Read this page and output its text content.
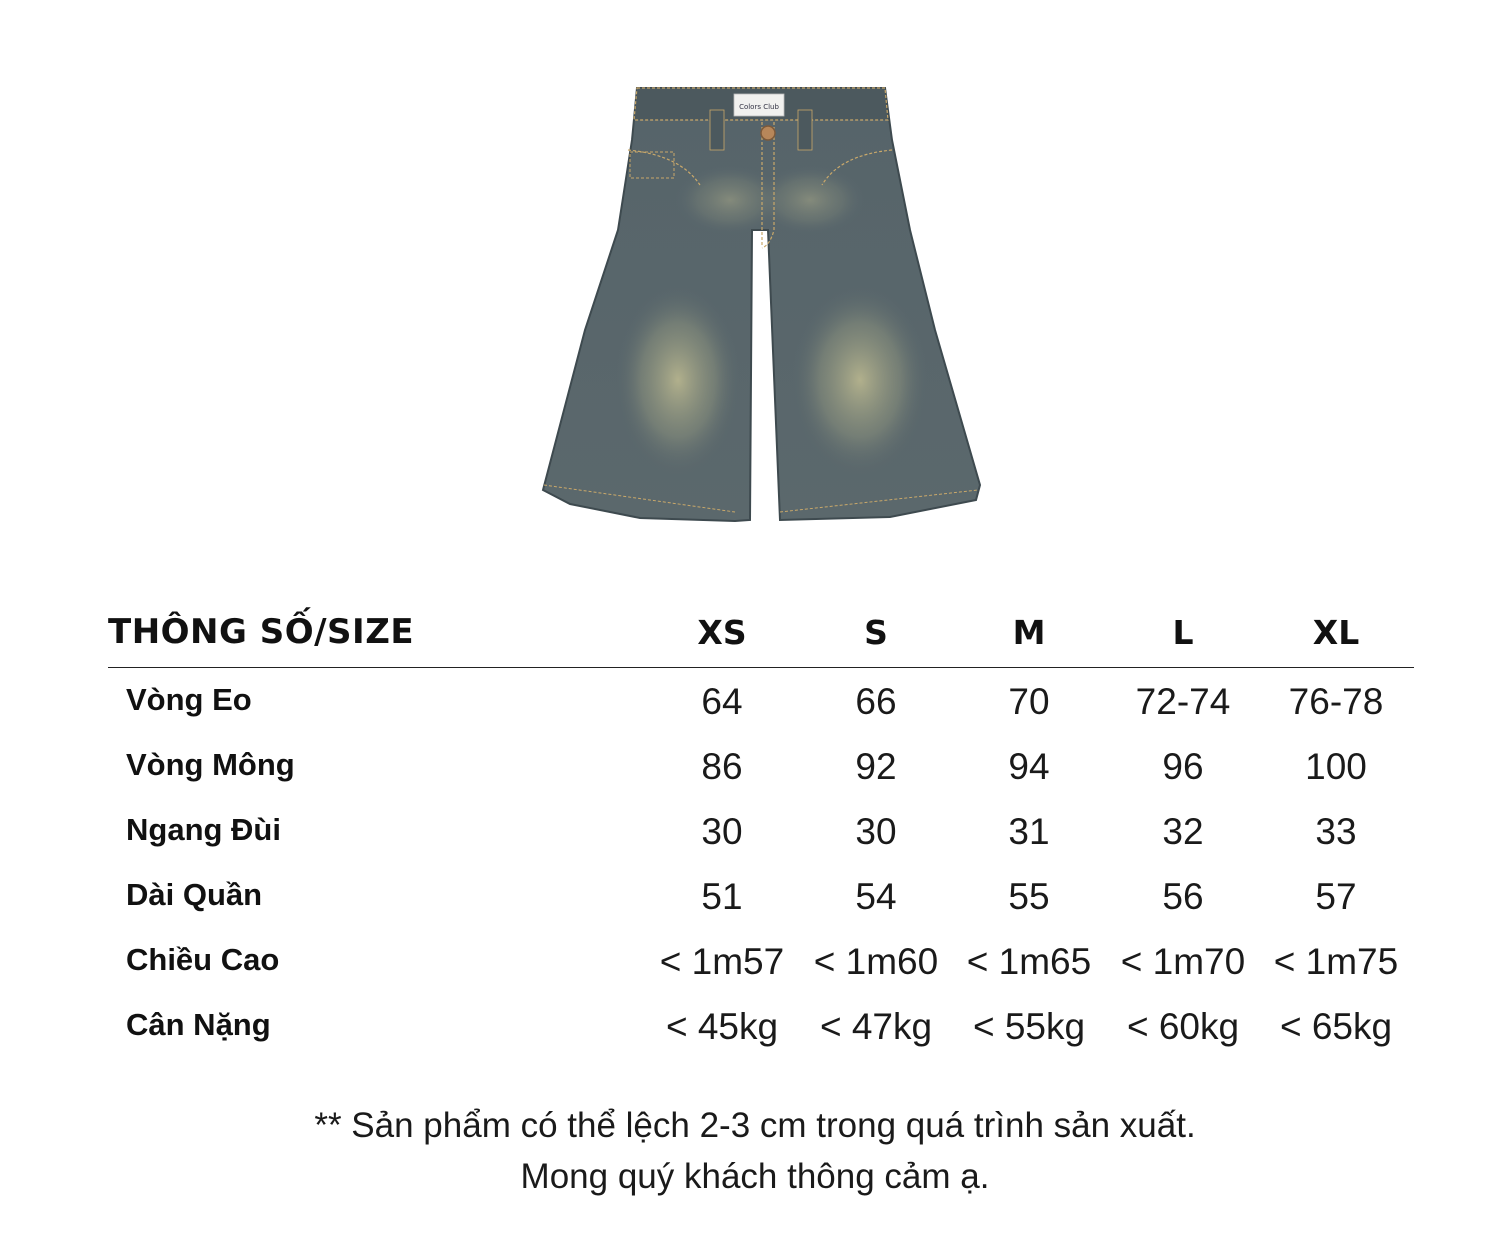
Colors Club
THÔNG SỐ/SIZE	XS	S	M	L	XL
Vòng Eo	64	66	70	72-74	76-78
Vòng Mông	86	92	94	96	100
Ngang Đùi	30	30	31	32	33
Dài Quần	51	54	55	56	57
Chiều Cao	< 1m57 < 1m60 < 1m65 < 1m70 < 1m75
Cân Nặng	< 45kg	< 47kg	< 55kg	< 60kg	< 65kg
** Sản phẩm có thể lệch 2-3 cm trong quá trình sản xuất.
Mong quý khách thông cảm ạ.
